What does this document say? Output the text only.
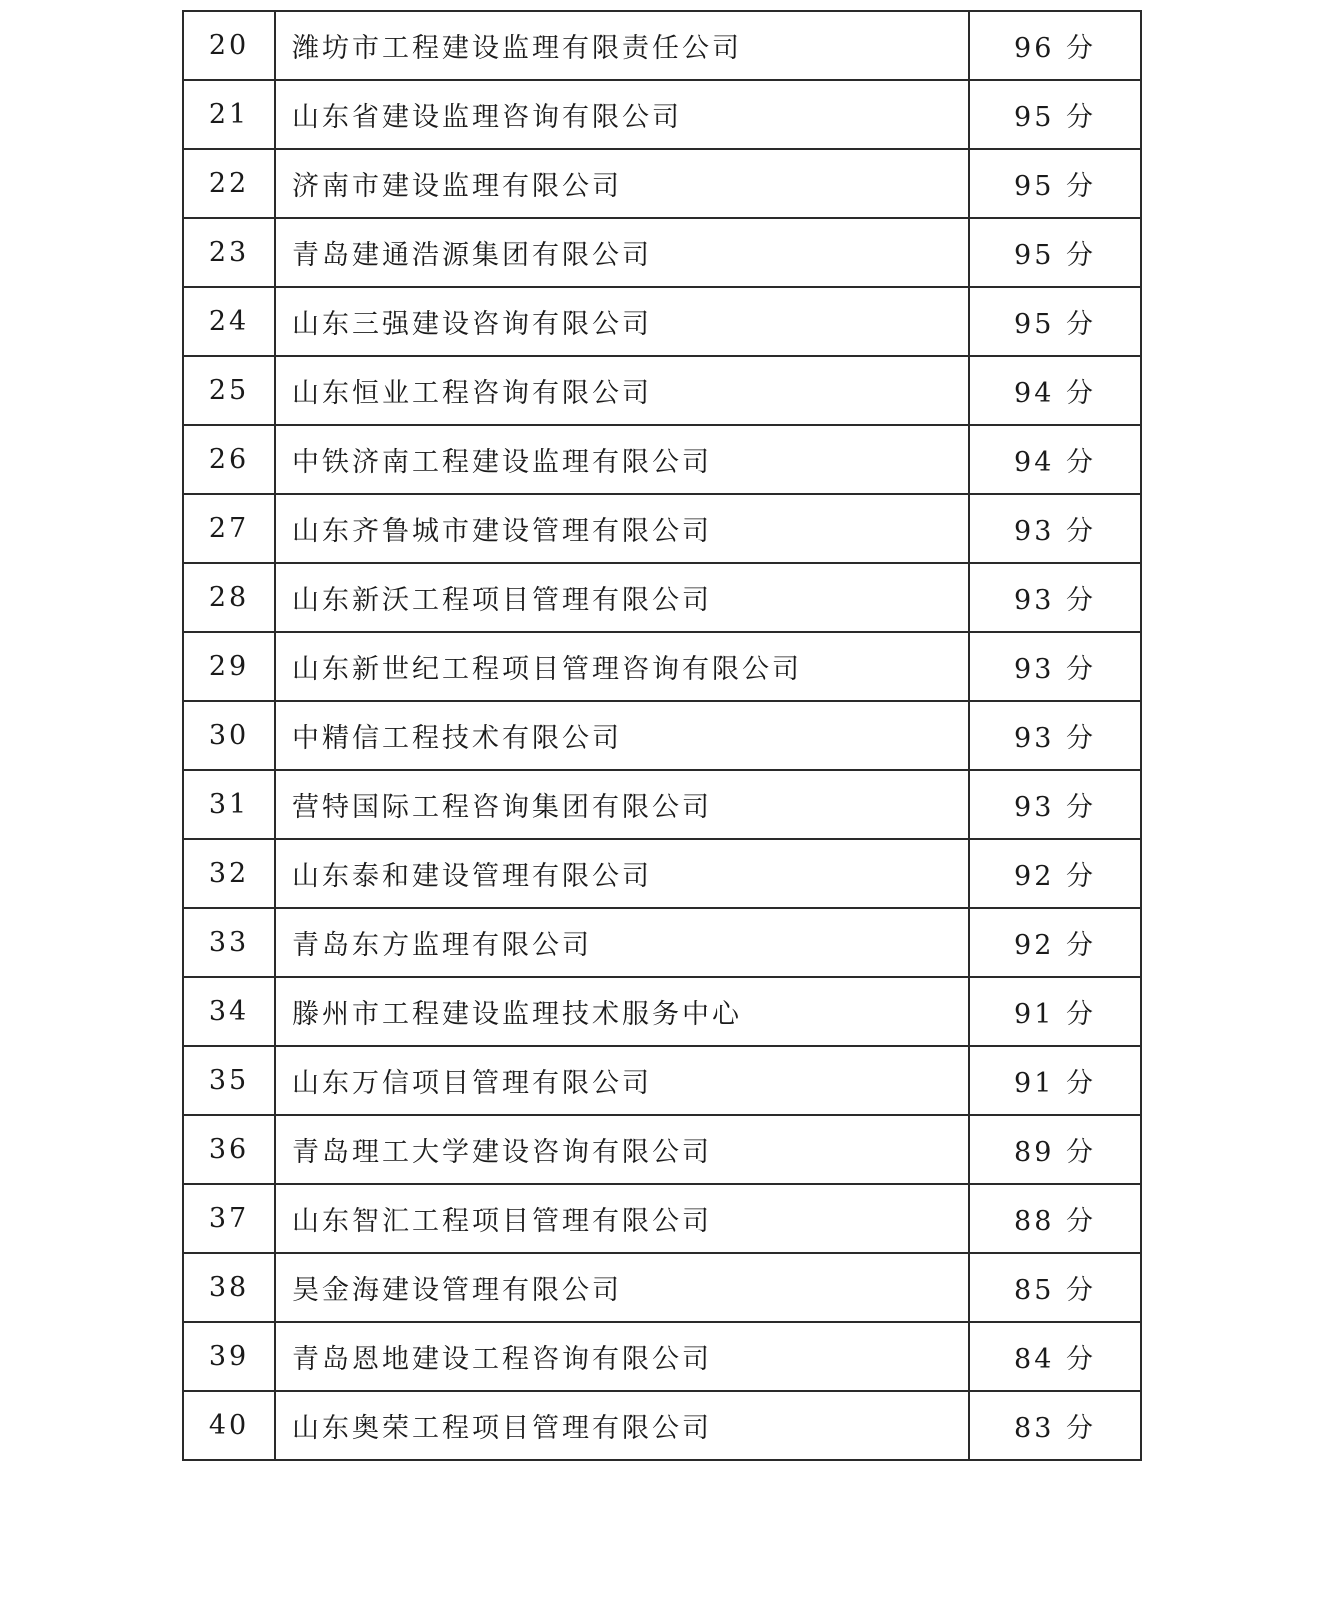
20	潍坊市工程建设监理有限责任公司	96 分
21	山东省建设监理咨询有限公司	95 分
22	济南市建设监理有限公司	95 分
23	青岛建通浩源集团有限公司	95 分
24	山东三强建设咨询有限公司	95 分
25	山东恒业工程咨询有限公司	94 分
26	中铁济南工程建设监理有限公司	94 分
27	山东齐鲁城市建设管理有限公司	93 分
28	山东新沃工程项目管理有限公司	93 分
29	山东新世纪工程项目管理咨询有限公司	93 分
30	中精信工程技术有限公司	93 分
31	营特国际工程咨询集团有限公司	93 分
32	山东泰和建设管理有限公司	92 分
33	青岛东方监理有限公司	92 分
34	滕州市工程建设监理技术服务中心	91 分
35	山东万信项目管理有限公司	91 分
36	青岛理工大学建设咨询有限公司	89 分
37	山东智汇工程项目管理有限公司	88 分
38	昊金海建设管理有限公司	85 分
39	青岛恩地建设工程咨询有限公司	84 分
40	山东奥荣工程项目管理有限公司	83 分
